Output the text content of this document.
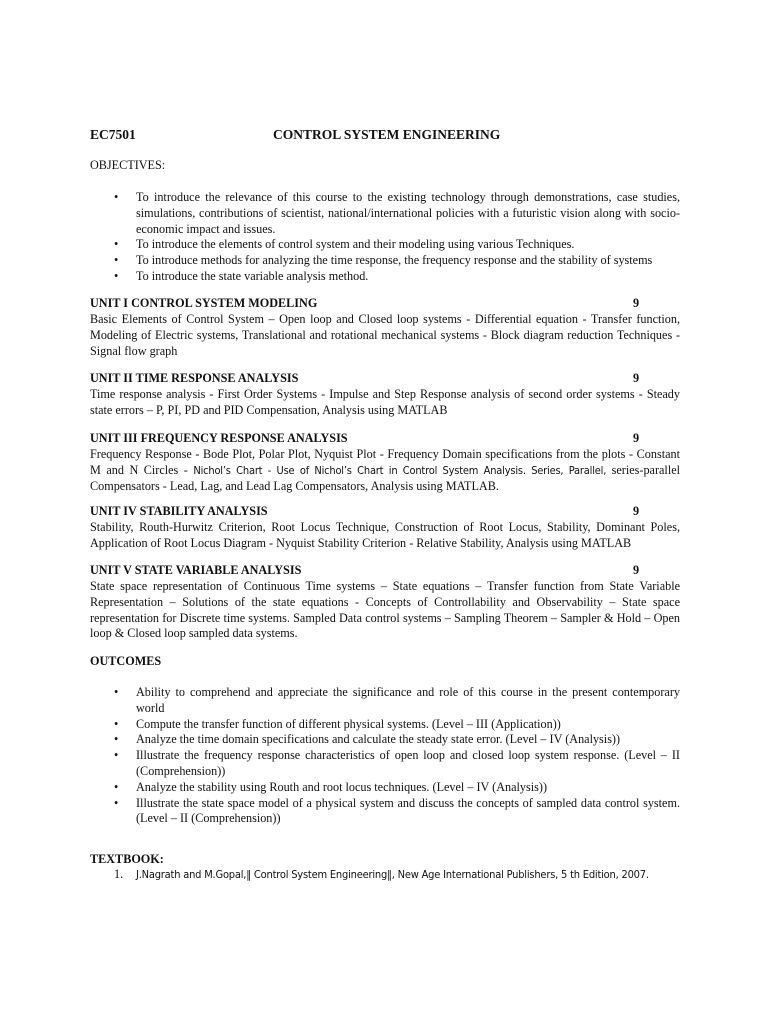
EC7501	CONTROL SYSTEM ENGINEERING
OBJECTIVES:
• To introduce the relevance of this course to the existing technology through demonstrations, case studies, simulations, contributions of scientist, national/international policies with a futuristic vision along with socio-economic impact and issues.
• To introduce the elements of control system and their modeling using various Techniques.
• To introduce methods for analyzing the time response, the frequency response and the stability of systems
• To introduce the state variable analysis method.
UNIT I CONTROL SYSTEM MODELING	9
Basic Elements of Control System – Open loop and Closed loop systems - Differential equation - Transfer function, Modeling of Electric systems, Translational and rotational mechanical systems - Block diagram reduction Techniques - Signal flow graph
UNIT II TIME RESPONSE ANALYSIS	9
Time response analysis - First Order Systems - Impulse and Step Response analysis of second order systems - Steady state errors – P, PI, PD and PID Compensation, Analysis using MATLAB
UNIT III FREQUENCY RESPONSE ANALYSIS	9
Frequency Response - Bode Plot, Polar Plot, Nyquist Plot - Frequency Domain specifications from the plots - Constant M and N Circles - Nichol’s Chart - Use of Nichol’s Chart in Control System Analysis. Series, Parallel, series-parallel Compensators - Lead, Lag, and Lead Lag Compensators, Analysis using MATLAB.
UNIT IV STABILITY ANALYSIS	9
Stability, Routh-Hurwitz Criterion, Root Locus Technique, Construction of Root Locus, Stability, Dominant Poles, Application of Root Locus Diagram - Nyquist Stability Criterion - Relative Stability, Analysis using MATLAB
UNIT V STATE VARIABLE ANALYSIS	9
State space representation of Continuous Time systems – State equations – Transfer function from State Variable Representation – Solutions of the state equations - Concepts of Controllability and Observability – State space representation for Discrete time systems. Sampled Data control systems – Sampling Theorem – Sampler & Hold – Open loop & Closed loop sampled data systems.
OUTCOMES
• Ability to comprehend and appreciate the significance and role of this course in the present contemporary world
• Compute the transfer function of different physical systems. (Level – III (Application))
• Analyze the time domain specifications and calculate the steady state error. (Level – IV (Analysis))
• Illustrate the frequency response characteristics of open loop and closed loop system response. (Level – II (Comprehension))
• Analyze the stability using Routh and root locus techniques. (Level – IV (Analysis))
• Illustrate the state space model of a physical system and discuss the concepts of sampled data control system. (Level – II (Comprehension))
TEXTBOOK:
1. J.Nagrath and M.Gopal,‖ Control System Engineering‖, New Age International Publishers, 5 th Edition, 2007.
